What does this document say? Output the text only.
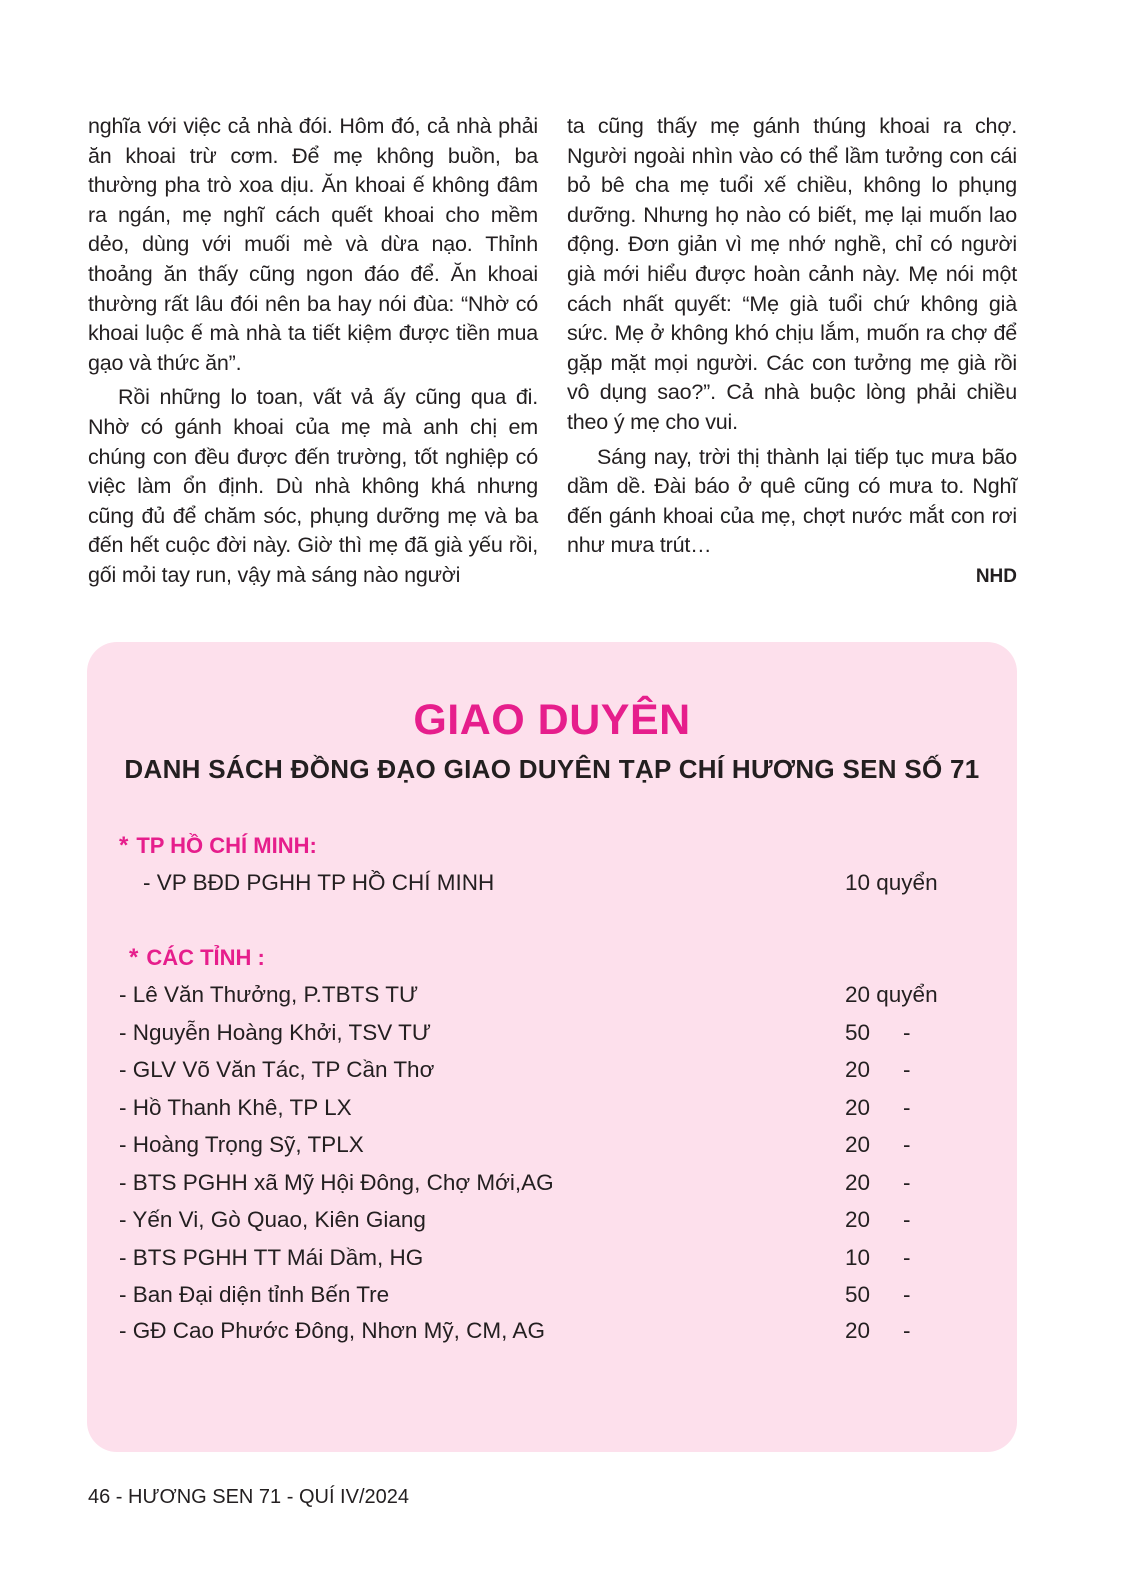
nghĩa với việc cả nhà đói. Hôm đó, cả nhà phải ăn khoai trừ cơm. Để mẹ không buồn, ba thường pha trò xoa dịu. Ăn khoai ế không đâm ra ngán, mẹ nghĩ cách quết khoai cho mềm dẻo, dùng với muối mè và dừa nạo. Thỉnh thoảng ăn thấy cũng ngon đáo để. Ăn khoai thường rất lâu đói nên ba hay nói đùa: “Nhờ có khoai luộc ế mà nhà ta tiết kiệm được tiền mua gạo và thức ăn”.

Rồi những lo toan, vất vả ấy cũng qua đi. Nhờ có gánh khoai của mẹ mà anh chị em chúng con đều được đến trường, tốt nghiệp có việc làm ổn định. Dù nhà không khá nhưng cũng đủ để chăm sóc, phụng dưỡng mẹ và ba đến hết cuộc đời này. Giờ thì mẹ đã già yếu rồi, gối mỏi tay run, vậy mà sáng nào người

ta cũng thấy mẹ gánh thúng khoai ra chợ. Người ngoài nhìn vào có thể lầm tưởng con cái bỏ bê cha mẹ tuổi xế chiều, không lo phụng dưỡng. Nhưng họ nào có biết, mẹ lại muốn lao động. Đơn giản vì mẹ nhớ nghề, chỉ có người già mới hiểu được hoàn cảnh này. Mẹ nói một cách nhất quyết: “Mẹ già tuổi chứ không già sức. Mẹ ở không khó chịu lắm, muốn ra chợ để gặp mặt mọi người. Các con tưởng mẹ già rồi vô dụng sao?”. Cả nhà buộc lòng phải chiều theo ý mẹ cho vui.

Sáng nay, trời thị thành lại tiếp tục mưa bão dầm dề. Đài báo ở quê cũng có mưa to. Nghĩ đến gánh khoai của mẹ, chợt nước mắt con rơi như mưa trút…

NHD
GIAO DUYÊN
DANH SÁCH ĐỒNG ĐẠO GIAO DUYÊN TẠP CHÍ HƯƠNG SEN SỐ 71
* TP HỒ CHÍ MINH:
- VP BĐD PGHH TP HỒ CHÍ MINH	10 quyển
* CÁC TỈNH :
- Lê Văn Thưởng, P.TBTS TƯ	20 quyển
- Nguyễn Hoàng Khởi, TSV TƯ	50 -
- GLV Võ Văn Tác, TP Cần Thơ	20 -
- Hồ Thanh Khê, TP LX	20 -
- Hoàng Trọng Sỹ, TPLX	20 -
- BTS PGHH xã Mỹ Hội Đông, Chợ Mới,AG	20 -
- Yến Vi, Gò Quao, Kiên Giang	20 -
- BTS PGHH TT Mái Dầm, HG	10 -
- Ban Đại diện tỉnh Bến Tre	50 -
- GĐ Cao Phước Đông, Nhơn Mỹ, CM, AG	20 -
46 - HƯƠNG SEN 71 - QUÍ IV/2024
